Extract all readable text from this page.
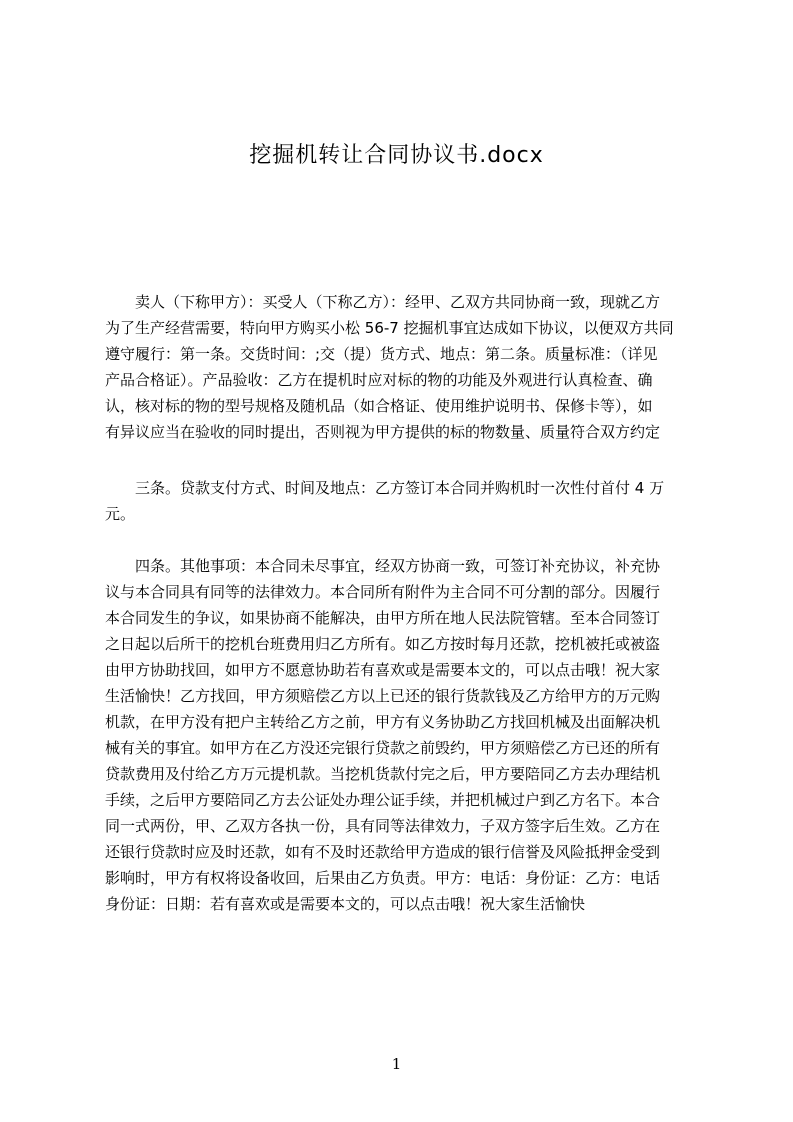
挖掘机转让合同协议书.docx
　　卖人（下称甲方）：买受人（下称乙方）：经甲、乙双方共同协商一致，现就乙方
为了生产经营需要，特向甲方购买小松 56-7 挖掘机事宜达成如下协议，以便双方共同
遵守履行：第一条。交货时间：;交（提）货方式、地点：第二条。质量标准：（详见
产品合格证）。产品验收：乙方在提机时应对标的物的功能及外观进行认真检查、确
认，核对标的物的型号规格及随机品（如合格证、使用维护说明书、保修卡等），如
有异议应当在验收的同时提出，否则视为甲方提供的标的物数量、质量符合双方约定
　　三条。贷款支付方式、时间及地点：乙方签订本合同并购机时一次性付首付 4 万
元。
　　四条。其他事项：本合同未尽事宜，经双方协商一致，可签订补充协议，补充协
议与本合同具有同等的法律效力。本合同所有附件为主合同不可分割的部分。因履行
本合同发生的争议，如果协商不能解决，由甲方所在地人民法院管辖。至本合同签订
之日起以后所干的挖机台班费用归乙方所有。如乙方按时每月还款，挖机被托或被盗
由甲方协助找回，如甲方不愿意协助若有喜欢或是需要本文的，可以点击哦！祝大家
生活愉快！乙方找回，甲方须赔偿乙方以上已还的银行货款钱及乙方给甲方的万元购
机款，在甲方没有把户主转给乙方之前，甲方有义务协助乙方找回机械及出面解决机
械有关的事宜。如甲方在乙方没还完银行贷款之前毁约，甲方须赔偿乙方已还的所有
贷款费用及付给乙方万元提机款。当挖机货款付完之后，甲方要陪同乙方去办理结机
手续，之后甲方要陪同乙方去公证处办理公证手续，并把机械过户到乙方名下。本合
同一式两份，甲、乙双方各执一份，具有同等法律效力，子双方签字后生效。乙方在
还银行贷款时应及时还款，如有不及时还款给甲方造成的银行信誉及风险抵押金受到
影响时，甲方有权将设备收回，后果由乙方负责。甲方：电话：身份证：乙方：电话
身份证：日期：若有喜欢或是需要本文的，可以点击哦！祝大家生活愉快
1
